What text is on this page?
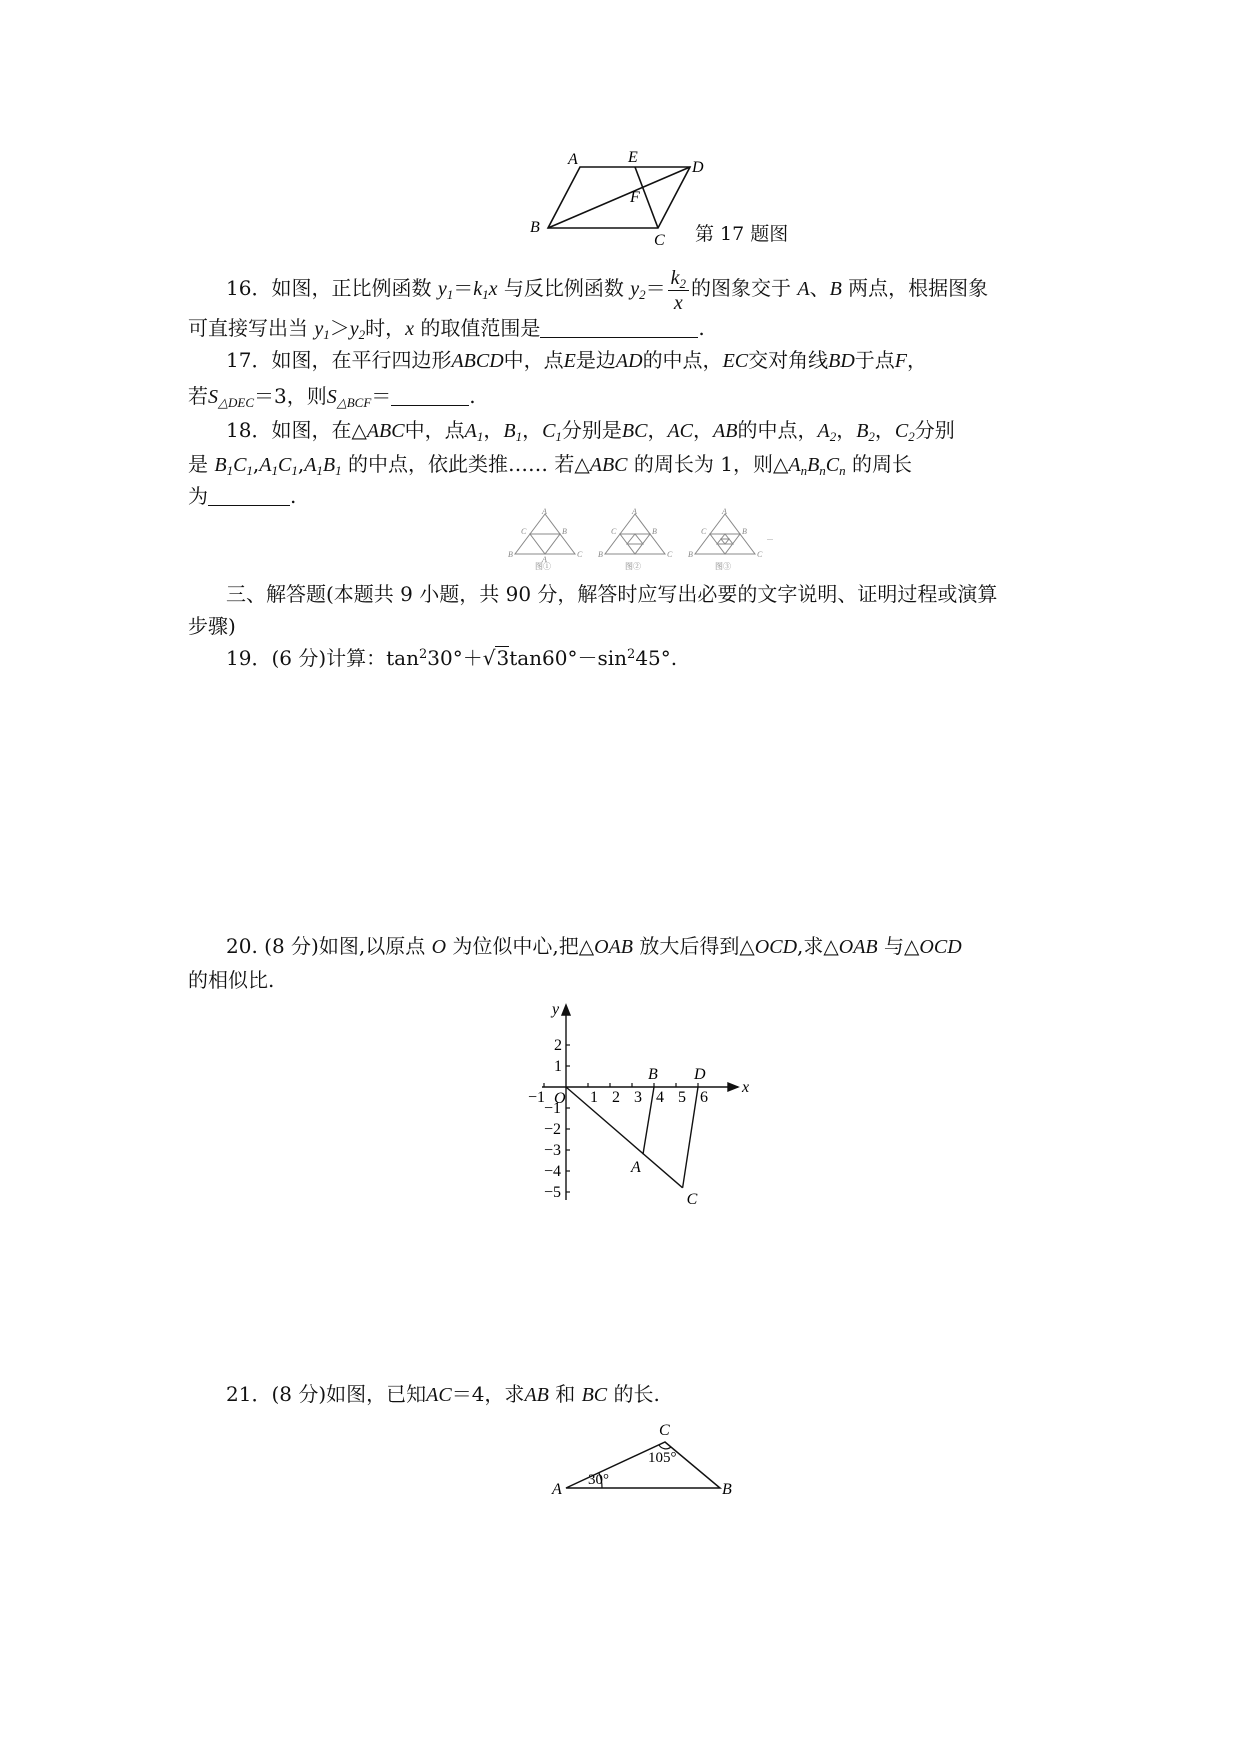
A	E
D
F
B
C 第 17 题图
16．如图，正比例函数 $y_1=k_1x$ 与反比例函数 $y_2= \frac{k_2}{x}$ 的图象交于 A、B 两点，根据图象
可直接写出当 $y_1>y_2$时，x 的取值范围是	.
17．如图，在平行四边形ABCD中，点E是边AD的中点，EC交对角线BD于点F，
若$S_{\triangle DEC}=3$，则$S_{\triangle BCF}=$	.
18．如图，在△ABC中，点$A_1$，$B_1$，$C_1$分别是BC，AC，AB的中点，$A_2$，$B_2$，$C_2$分别
是 $B_1C_1,A_1C_1,A_1B_1$ 的中点，依此类推…… 若△ABC 的周长为 1，则$\triangle A_nB_nC_n$ 的周长
为	.
A
B	C
C	B
A
A
B	C
C	B
A
B	C
C	B
图①	图②	图③
...
三、解答题(本题共 9 小题，共 90 分，解答时应写出必要的文字说明、证明过程或演算
步骤)
19．(6 分)计算：$\tan^230^\circ+√3\tan 60^\circ-\sin^245^\circ$.
20. (8 分)如图,以原点 O 为位似中心,把△OAB 放大后得到△OCD,求△OAB 与△OCD
的相似比.
−1	1 2 3 4 5 6
2
1
−1
−2
−3
−4
−5
A
B
C
D
x
y
O
21．(8 分)如图，已知AC＝4，求AB 和 BC 的长.
A	B
C
30°
105°
